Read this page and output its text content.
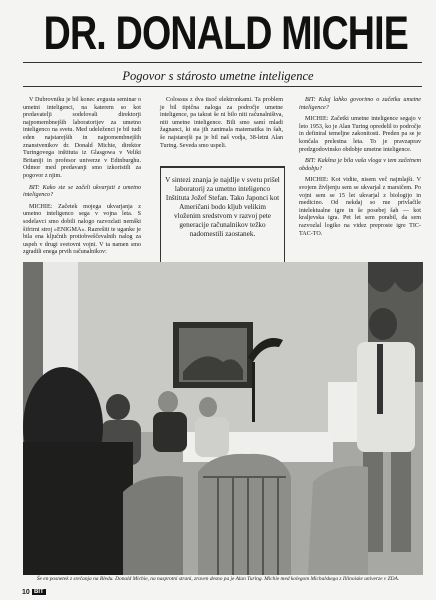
DR. DONALD MICHIE
Pogovor s stárosto umetne inteligence

V Dubrovniku je bil konec avgusta seminar o umetni inteligenci, na katerem so kot predavatelji sodelovali direktorji najpomembnejših laboratorijev za umetno inteligenco na svetu. Med udeleženci je bil tudi eden najstarejših in najpomembnejših znanstvenikov dr. Donald Michie, direktor Turingovega inštituta iz Glasgowa v Veliki Britaniji in profesor univerze v Edinburghu. Odmor med predavanji smo izkoristili za pogovor z njim.

BIT: Kako ste se začeli ukvarjati z umetno inteligenco?

MICHIE: Začetek mojega ukvarjanja z umetno inteligenco sega v vojna leta. S sodelavci smo dobili nalogo razvozlati nemški šifrirni stroj »ENIGMA«. Razrešiti te uganke je bila ena ključnih protiobveščevalnih nalog za uspeh v drugi svetovni vojni. V ta namen smo zgradili enega prvih računalnikov:

Colossus z dva tisoč elektronkami. Ta problem je bil tipična naloga za področje umetne inteligence, pa takrat še ni bilo niti računalništva, niti umetne inteligence. Bili smo samí mladi žagnanci, ki sta jih zanimala matematika in šah, še najstarejši pa je bil naš vodja, 38-letni Alan Turing. Seveda smo uspeli.

V sintezi znanja je najdlje v svetu prišel laboratorij za umetno inteligenco Inštituta Jožef Stefan. Tako Japonci kot Američani bodo kljub velikim vloženim sredstvom v razvoj pete generacije računalnikov težko nadomestili zaostanek.

BIT: Kdaj lahko govorimo o začetku umetne inteligence?

MICHIE: Začetki umetne inteligence segajo v leto 1953, ko je Alan Turing opredelil to področje in definiral temeljne zakonitosti. Preden pa se je končala prelestna leta. To je pravzaprav predzgodovinsko obdobje umetne inteligence.

BIT: Kakšna je bila vaša vloga v tem začetnem obdobju?

MICHIE: Kot vidite, nisem več najmlajši. V svojem življenju sem se ukvarjal z marsičem. Po vojni sem se 15 let ukvarjal z biologijo in medicino. Od nekdaj so me privlačile intelektualne igre in še posebej šah — kot kraljevska igra. Pet let sem porabil, da sem razvozlal logiko na videz preproste igre TIC-TAC-TO.

Še en posnetek z srečanja na Bledu. Donald Michie, na nasprotni strani, zraven desno pa je Alan Turing. Michie med kolegom Michalskega z Illinoiske univerze v ZDA.
10 BIT
